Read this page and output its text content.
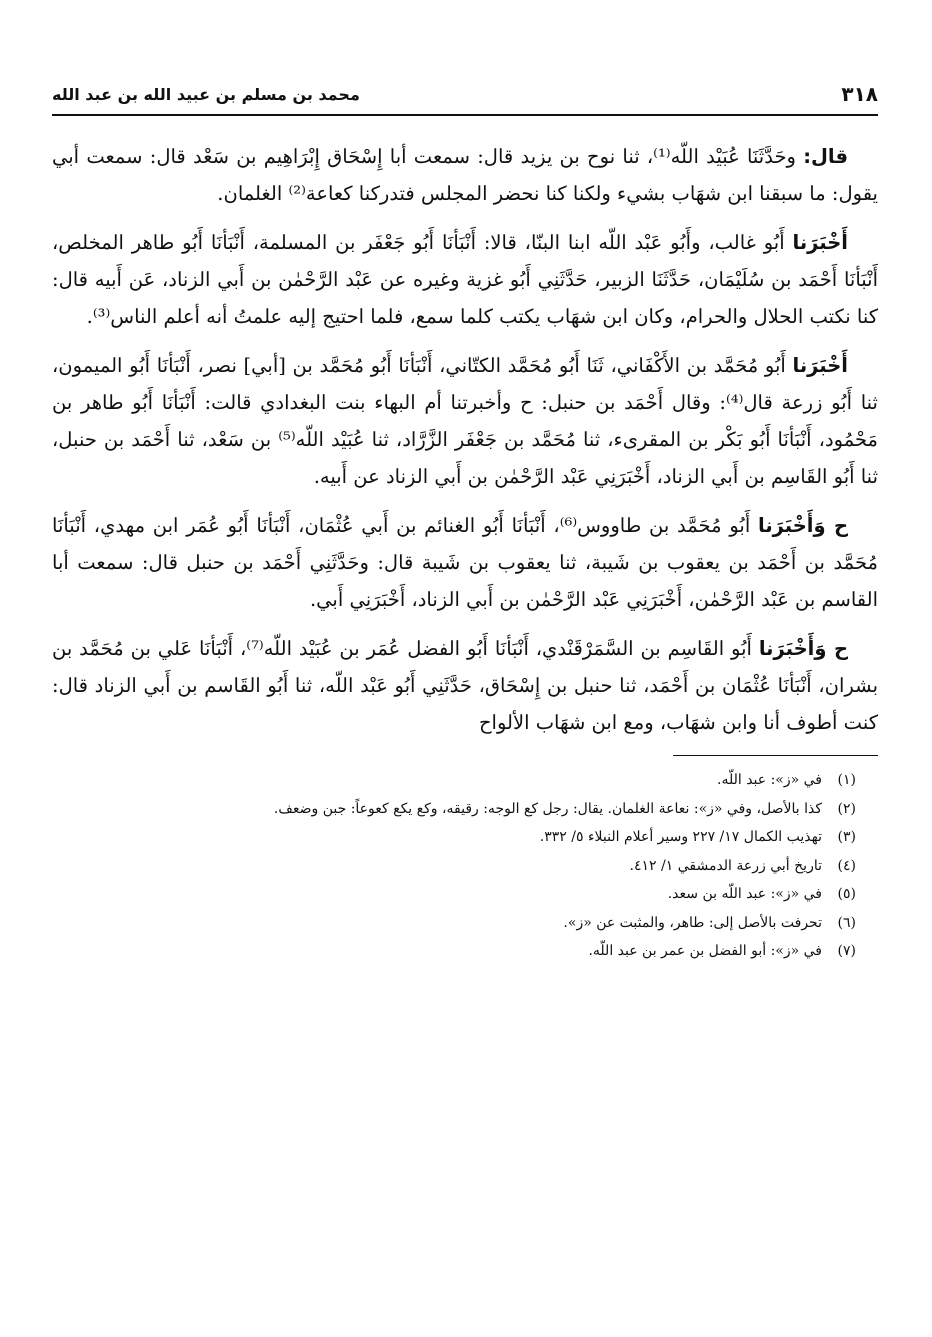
٣١٨
محمد بن مسلم بن عبيد الله بن عبد الله

قال: وحَدَّثَنَا عُبَيْد اللّه⁽¹⁾، ثنا نوح بن يزيد قال: سمعت أبا إِسْحَاق إِبْرَاهِيم بن سَعْد قال: سمعت أبي يقول: ما سبقنا ابن شهَاب بشيء ولكنا كنا نحضر المجلس فتدركنا كعاعة⁽²⁾ الغلمان.

أَخْبَرَنا أَبُو غالب، وأَبُو عَبْد اللّه ابنا البنّا، قالا: أَنْبَأنَا أَبُو جَعْفَر بن المسلمة، أَنْبَأنَا أَبُو طاهر المخلص، أَنْبَأنَا أَحْمَد بن سُلَيْمَان، حَدَّثَنَا الزبير، حَدَّثَنِي أَبُو غزية وغيره عن عَبْد الرَّحْمٰن بن أَبي الزناد، عَن أَبيه قال: كنا نكتب الحلال والحرام، وكان ابن شهَاب يكتب كلما سمع، فلما احتيج إليه علمتُ أنه أعلم الناس⁽³⁾.

أَخْبَرَنا أَبُو مُحَمَّد بن الأَكْفَاني، ثَنَا أَبُو مُحَمَّد الكتّاني، أَنْبَأنَا أَبُو مُحَمَّد بن [أبي] نصر، أَنْبَأنَا أَبُو الميمون، ثنا أَبُو زرعة قال⁽⁴⁾: وقال أَحْمَد بن حنبل: ح وأخبرتنا أم البهاء بنت البغدادي قالت: أَنْبَأنَا أَبُو طاهر بن مَحْمُود، أَنْبَأنَا أَبُو بَكْر بن المقرىء، ثنا مُحَمَّد بن جَعْفَر الزَّرَّاد، ثنا عُبَيْد اللّه⁽⁵⁾ بن سَعْد، ثنا أَحْمَد بن حنبل، ثنا أَبُو القَاسِم بن أَبي الزناد، أَخْبَرَنِي عَبْد الرَّحْمٰن بن أَبي الزناد عن أَبيه.

ح وَأَخْبَرَنا أَبُو مُحَمَّد بن طاووس⁽⁶⁾، أَنْبَأنَا أَبُو الغنائم بن أَبي عُثْمَان، أَنْبَأنَا أَبُو عُمَر ابن مهدي، أَنْبَأنَا مُحَمَّد بن أَحْمَد بن يعقوب بن شَيبة، ثنا يعقوب بن شَيبة قال: وحَدَّثَنِي أَحْمَد بن حنبل قال: سمعت أبا القاسم بن عَبْد الرَّحْمٰن، أَخْبَرَنِي عَبْد الرَّحْمٰن بن أَبي الزناد، أَخْبَرَنِي أَبي.

ح وَأَخْبَرَنا أَبُو القَاسِم بن السَّمَرْقَنْدي، أَنْبَأنَا أَبُو الفضل عُمَر بن عُبَيْد اللّه⁽⁷⁾، أَنْبَأنَا عَلي بن مُحَمَّد بن بشران، أَنْبَأنَا عُثْمَان بن أَحْمَد، ثنا حنبل بن إِسْحَاق، حَدَّثَنِي أَبُو عَبْد اللّه، ثنا أَبُو القَاسم بن أَبي الزناد قال: كنت أطوف أنا وابن شهَاب، ومع ابن شهَاب الألواح

(١)
في «ز»: عبد اللّه.
(٢)
كذا بالأصل، وفي «ز»: نعاعة الغلمان. يقال: رجل كع الوجه: رقيقه، وكع يكع كعوعاً: جبن وضعف.
(٣)
تهذيب الكمال ١٧/ ٢٢٧ وسير أعلام النبلاء ٥/ ٣٣٢.
(٤)
تاريخ أبي زرعة الدمشقي ١/ ٤١٢.
(٥)
في «ز»: عبد اللّه بن سعد.
(٦)
تحرفت بالأصل إلى: طاهر، والمثبت عن «ز».
(٧)
في «ز»: أبو الفضل بن عمر بن عبد اللّه.
